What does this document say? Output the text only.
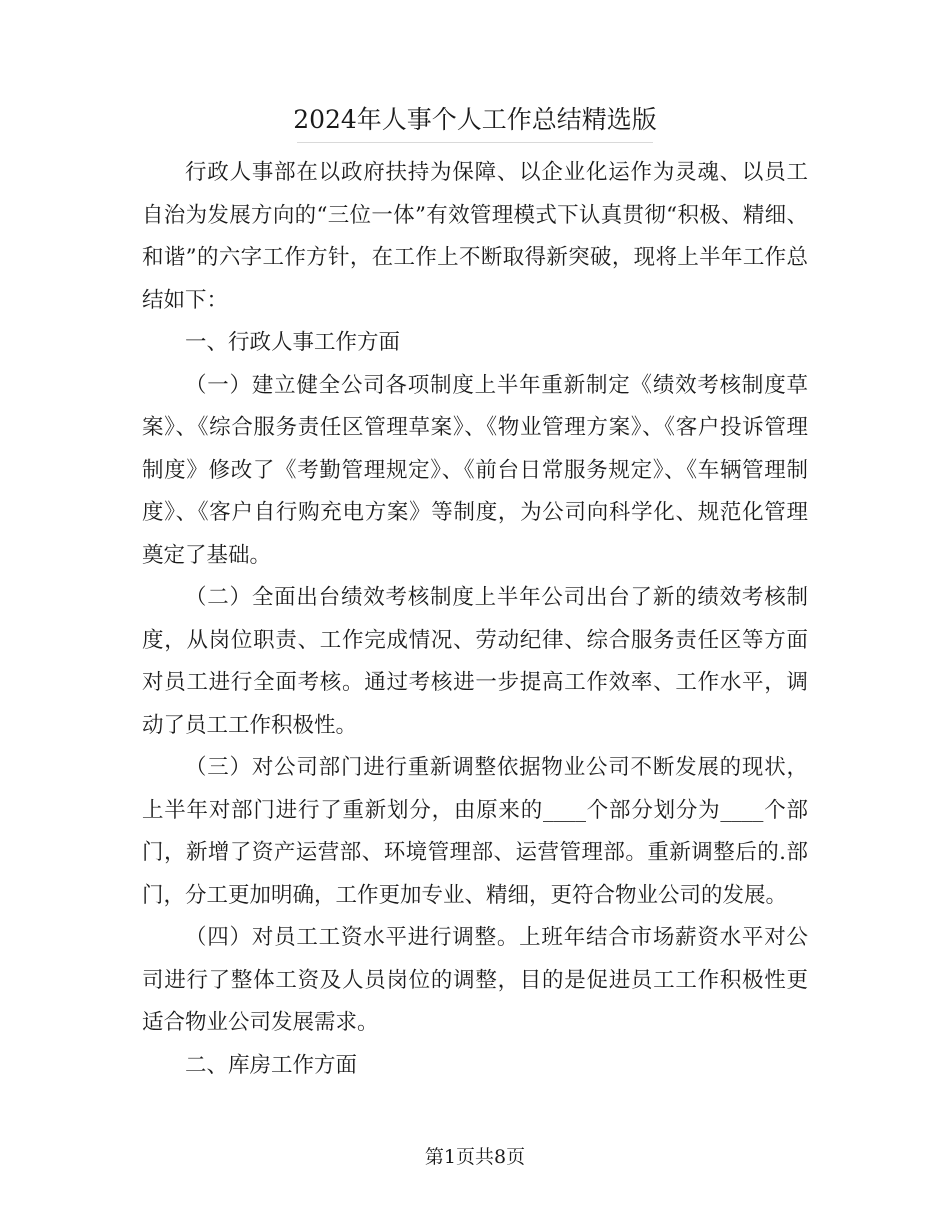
2024年人事个人工作总结精选版

行政人事部在以政府扶持为保障、以企业化运作为灵魂、以员工自治为发展方向的“三位一体”有效管理模式下认真贯彻“积极、精细、和谐”的六字工作方针，在工作上不断取得新突破，现将上半年工作总结如下：

一、行政人事工作方面

（一）建立健全公司各项制度上半年重新制定《绩效考核制度草案》、《综合服务责任区管理草案》、《物业管理方案》、《客户投诉管理制度》修改了《考勤管理规定》、《前台日常服务规定》、《车辆管理制度》、《客户自行购充电方案》等制度，为公司向科学化、规范化管理奠定了基础。

（二）全面出台绩效考核制度上半年公司出台了新的绩效考核制度，从岗位职责、工作完成情况、劳动纪律、综合服务责任区等方面对员工进行全面考核。通过考核进一步提高工作效率、工作水平，调动了员工工作积极性。

（三）对公司部门进行重新调整依据物业公司不断发展的现状，上半年对部门进行了重新划分，由原来的____个部分划分为____个部门，新增了资产运营部、环境管理部、运营管理部。重新调整后的.部门，分工更加明确，工作更加专业、精细，更符合物业公司的发展。

（四）对员工工资水平进行调整。上班年结合市场薪资水平对公司进行了整体工资及人员岗位的调整，目的是促进员工工作积极性更适合物业公司发展需求。

二、库房工作方面

第1页共8页
